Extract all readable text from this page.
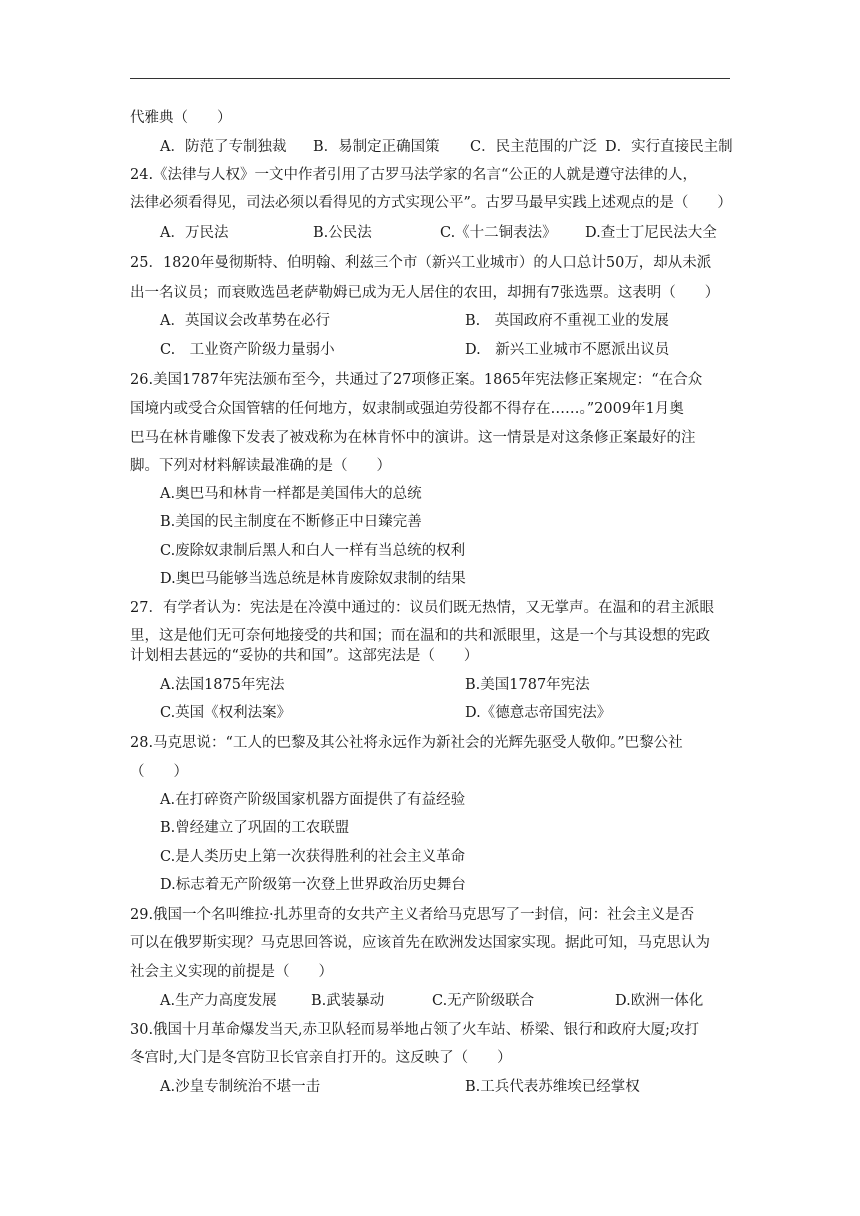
代雅典（　　）
A．防范了专制独裁 B．易制定正确国策 C．民主范围的广泛 D．实行直接民主制
24.《法律与人权》一文中作者引用了古罗马法学家的名言“公正的人就是遵守法律的人，
法律必须看得见，司法必须以看得见的方式实现公平”。古罗马最早实践上述观点的是（　　）
A．万民法	B.公民法	C.《十二铜表法》 D.查士丁尼民法大全
25．1820年曼彻斯特、伯明翰、利兹三个市（新兴工业城市）的人口总计50万，却从未派
出一名议员；而衰败选邑老萨勒姆已成为无人居住的农田，却拥有7张选票。这表明（　　）
A．英国议会改革势在必行	B.　英国政府不重视工业的发展
C.　工业资产阶级力量弱小	D.　新兴工业城市不愿派出议员
26.美国1787年宪法颁布至今，共通过了27项修正案。1865年宪法修正案规定：“在合众
国境内或受合众国管辖的任何地方，奴隶制或强迫劳役都不得存在……。”2009年1月奥
巴马在林肯雕像下发表了被戏称为在林肯怀中的演讲。这一情景是对这条修正案最好的注
脚。下列对材料解读最准确的是（　　）
A.奥巴马和林肯一样都是美国伟大的总统
B.美国的民主制度在不断修正中日臻完善
C.废除奴隶制后黑人和白人一样有当总统的权利
D.奥巴马能够当选总统是林肯废除奴隶制的结果
27．有学者认为：宪法是在冷漠中通过的：议员们既无热情，又无掌声。在温和的君主派眼
里，这是他们无可奈何地接受的共和国；而在温和的共和派眼里，这是一个与其设想的宪政
计划相去甚远的“妥协的共和国”。这部宪法是（　　）
A.法国1875年宪法	B.美国1787年宪法
C.英国《权利法案》	D.《德意志帝国宪法》
28.马克思说：“工人的巴黎及其公社将永远作为新社会的光辉先驱受人敬仰。”巴黎公社
（　　）
A.在打碎资产阶级国家机器方面提供了有益经验
B.曾经建立了巩固的工农联盟
C.是人类历史上第一次获得胜利的社会主义革命
D.标志着无产阶级第一次登上世界政治历史舞台
29.俄国一个名叫维拉·扎苏里奇的女共产主义者给马克思写了一封信，问：社会主义是否
可以在俄罗斯实现？马克思回答说，应该首先在欧洲发达国家实现。据此可知，马克思认为
社会主义实现的前提是（　　）
A.生产力高度发展 B.武装暴动	C.无产阶级联合	D.欧洲一体化
30.俄国十月革命爆发当天,赤卫队轻而易举地占领了火车站、桥梁、银行和政府大厦;攻打
冬宫时,大门是冬宫防卫长官亲自打开的。这反映了（　　）
A.沙皇专制统治不堪一击	B.工兵代表苏维埃已经掌权
